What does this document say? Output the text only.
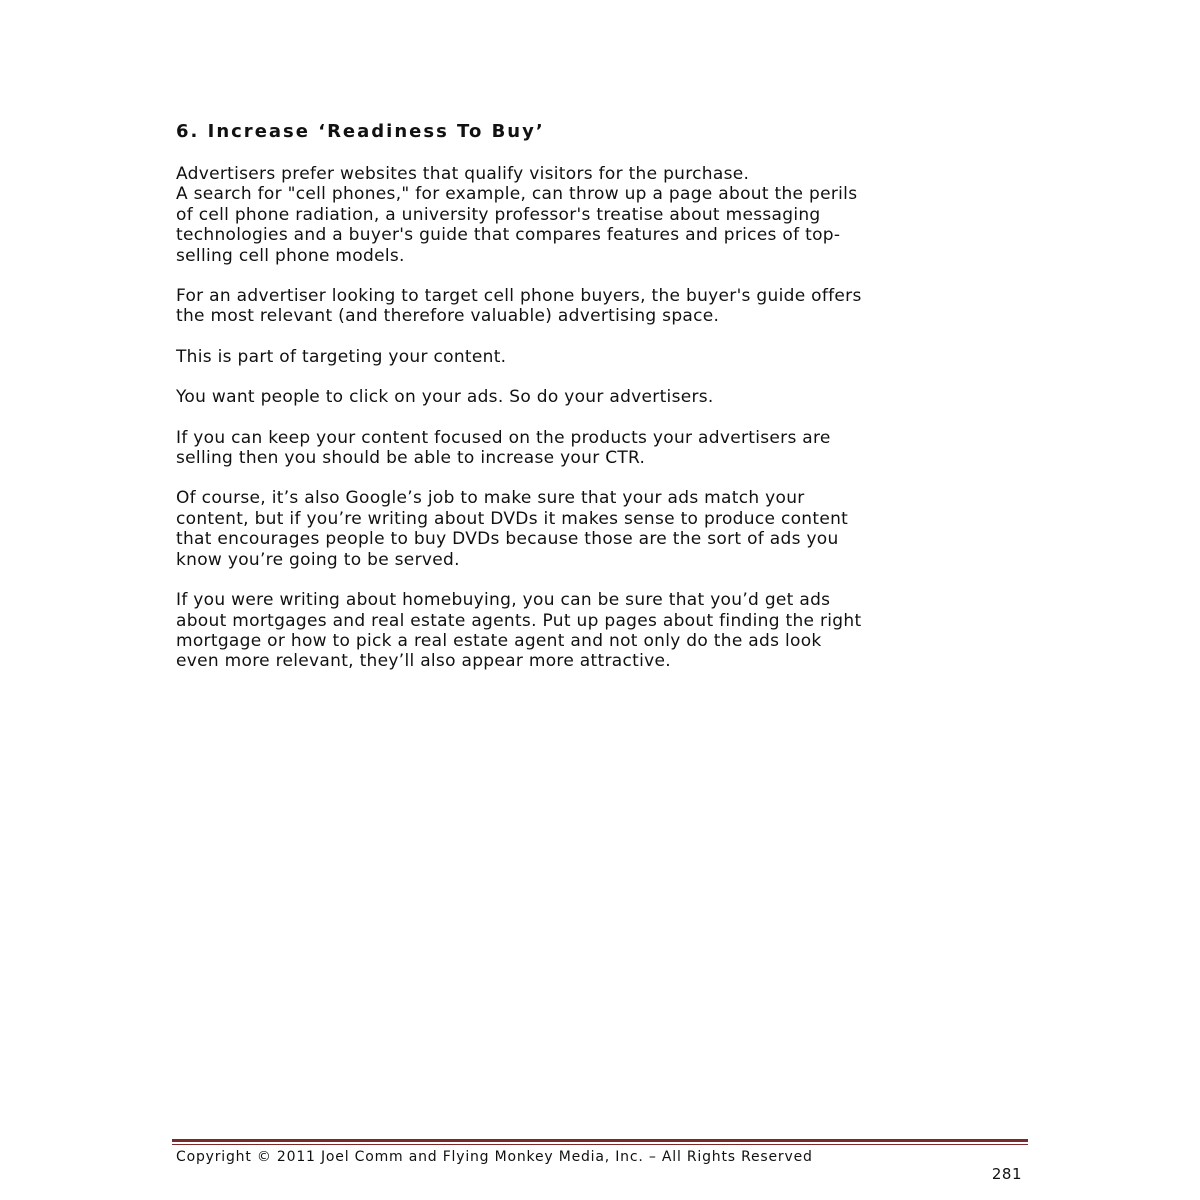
6. Increase ‘Readiness To Buy’
Advertisers prefer websites that qualify visitors for the purchase.
A search for "cell phones," for example, can throw up a page about the perils
of cell phone radiation, a university professor's treatise about messaging
technologies and a buyer's guide that compares features and prices of top-
selling cell phone models.
For an advertiser looking to target cell phone buyers, the buyer's guide offers
the most relevant (and therefore valuable) advertising space.
This is part of targeting your content.
You want people to click on your ads. So do your advertisers.
If you can keep your content focused on the products your advertisers are
selling then you should be able to increase your CTR.
Of course, it’s also Google’s job to make sure that your ads match your
content, but if you’re writing about DVDs it makes sense to produce content
that encourages people to buy DVDs because those are the sort of ads you
know you’re going to be served.
If you were writing about homebuying, you can be sure that you’d get ads
about mortgages and real estate agents. Put up pages about finding the right
mortgage or how to pick a real estate agent and not only do the ads look
even more relevant, they’ll also appear more attractive.
Copyright © 2011 Joel Comm and Flying Monkey Media, Inc. – All Rights Reserved
281
